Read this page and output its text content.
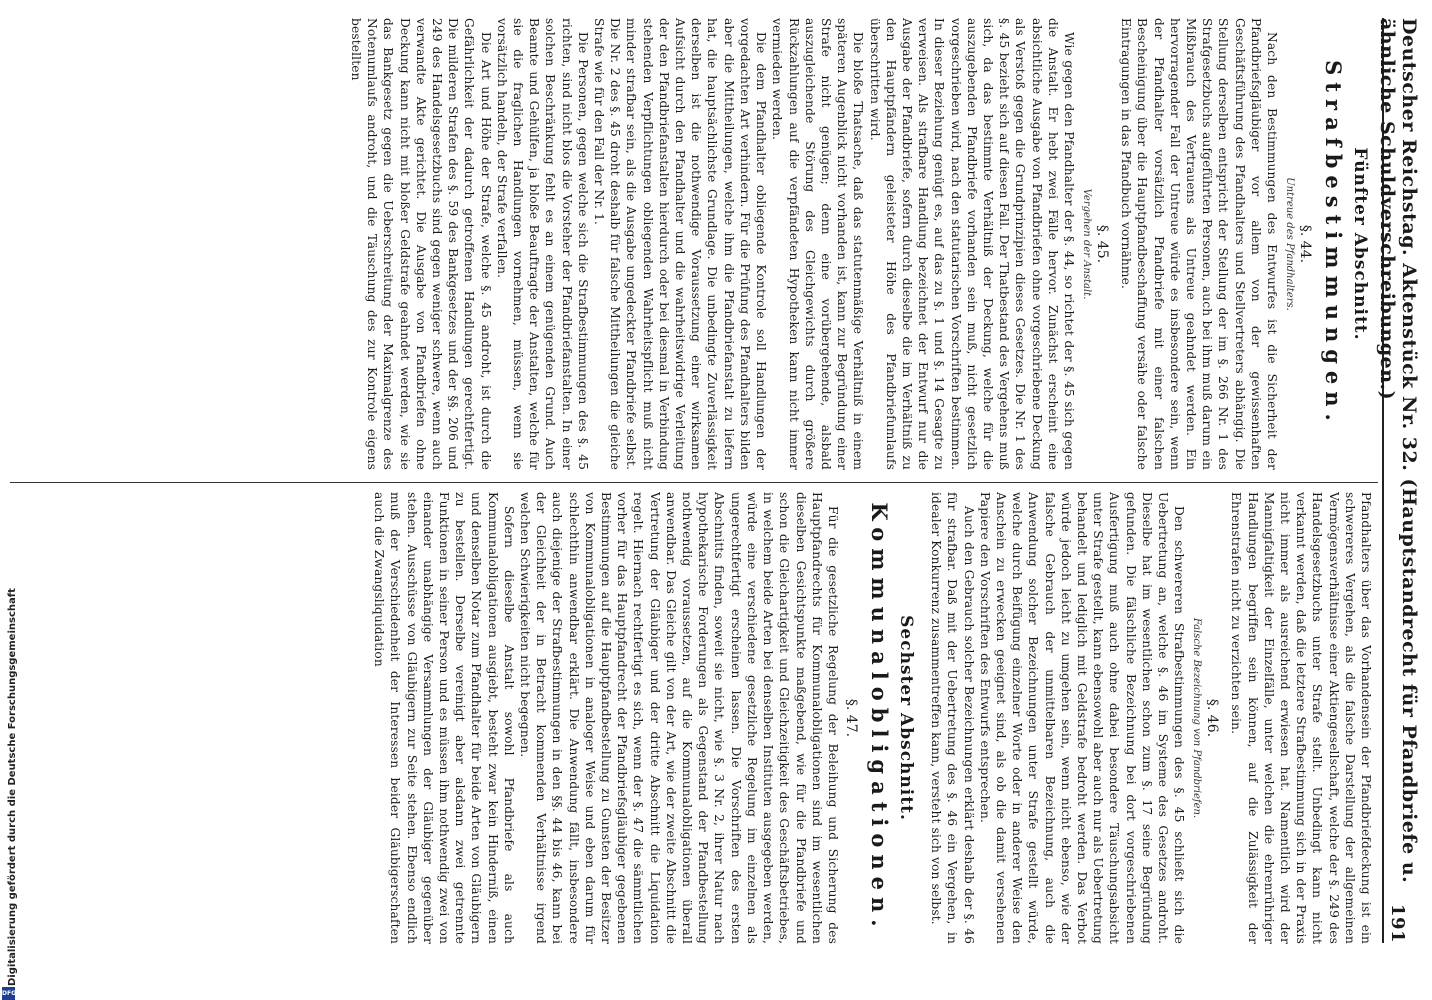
Deutscher Reichstag. Aktenstück Nr. 32. (Hauptstandrecht für Pfandbriefe u. ähnliche Schuldverschreibungen.)
191
Fünfter Abschnitt.
Strafbestimmungen.
§. 44.
Untreue des Pfandhalters.

Nach den Bestimmungen des Entwurfes ist die Sicherheit der Pfandbriefsgläubiger vor allem von der gewissenhaften Geschäftsführung des Pfandhalters und Stellvertreters abhängig. Die Stellung derselben entspricht der Stellung der im §. 266 Nr. 1 des Strafgesetzbuchs aufgeführten Personen, auch bei ihm muß darum ein Mißbrauch des Vertrauens als Untreue geahndet werden. Ein hervorragender Fall der Untreue würde es insbesondere sein, wenn der Pfandhalter vorsätzlich Pfandbriefe mit einer falschen Bescheinigung über die Hauptpfandbeschaffung versähe oder falsche Eintragungen in das Pfandbuch vornähme.

§. 45.
Vergehen der Anstalt.

Wie gegen den Pfandhalter der §. 44, so richtet der §. 45 sich gegen die Anstalt. Er hebt zwei Fälle hervor. Zunächst erscheint eine absichtliche Ausgabe von Pfandbriefen ohne vorgeschriebene Deckung als Verstoß gegen die Grundprinzipien dieses Gesetzes. Die Nr. 1 des §. 45 bezieht sich auf diesen Fall. Der Thatbestand des Vergehens muß sich, da das bestimmte Verhältniß der Deckung, welche für die auszugebenden Pfandbriefe vorhanden sein muß, nicht gesetzlich vorgeschrieben wird, nach den statutarischen Vorschriften bestimmen. In dieser Beziehung genügt es, auf das zu §. 1 und §. 14 Gesagte zu verweisen. Als strafbare Handlung bezeichnet der Entwurf nur die Ausgabe der Pfandbriefe, sofern durch dieselbe die im Verhältniß zu den Hauptpfändern geleisteter Höhe des Pfandbriefumlaufs überschritten wird.

Die bloße Thatsache, daß das statutenmäßige Verhältniß in einem späteren Augenblick nicht vorhanden ist, kann zur Begründung einer Strafe nicht genügen; denn eine vorübergehende, alsbald auszugleichende Störung des Gleichgewichts durch größere Rückzahlungen auf die verpfändeten Hypotheken kann nicht immer vermieden werden.

Die dem Pfandhalter obliegende Kontrole soll Handlungen der vorgedachten Art verhindern. Für die Prüfung des Pfandhalters bilden aber die Mittheilungen, welche ihm die Pfandbriefanstalt zu liefern hat, die hauptsächlichste Grundlage. Die unbedingte Zuverlässigkeit derselben ist die nothwendige Voraussetzung einer wirksamen Aufsicht durch den Pfandhalter und die wahrheitswidrige Verleitung der den Pfandbriefanstalten hierdurch oder bei diesmal in Verbindung stehenden Verpflichtungen obliegenden Wahrheitspflicht muß nicht minder strafbar sein, als die Ausgabe ungedeckter Pfandbriefe selbst. Die Nr. 2 des §. 45 droht deshalb für falsche Mittheilungen die gleiche Strafe wie für den Fall der Nr. 1.

Die Personen, gegen welche sich die Strafbestimmungen des §. 45 richten, sind nicht blos die Vorsteher der Pfandbriefanstalten. In einer solchen Beschränkung fehlt es an einem genügenden Grund. Auch Beamte und Gehülfen, ja bloße Beauftragte der Anstalten, welche für sie die fraglichen Handlungen vornehmen, müssen, wenn sie vorsätzlich handeln, der Strafe verfallen.

Die Art und Höhe der Strafe, welche §. 45 androht, ist durch die Gefährlichkeit der dadurch getroffenen Handlungen gerechtfertigt. Die milderen Strafen des §. 59 des Bankgesetzes und der §§. 206 und 249 des Handelsgesetzbuchs sind gegen weniger schwere, wenn auch verwandte Akte gerichtet. Die Ausgabe von Pfandbriefen ohne Deckung kann nicht mit bloßer Geldstrafe geahndet werden, wie sie das Bankgesetz gegen die Ueberschreitung der Maximalgrenze des Notenumlaufs androht, und die Täuschung des zur Kontrole eigens bestellten

Pfandhalters über das Vorhandensein der Pfandbriefdeckung ist ein schwereres Vergehen, als die falsche Darstellung der allgemeinen Vermögensverhältnisse einer Aktiengesellschaft, welche der §. 249 des Handelsgesetzbuchs unter Strafe stellt. Unbedingt kann nicht verkannt werden, daß die letztere Strafbestimmung sich in der Praxis nicht immer als ausreichend erwiesen hat. Namentlich wird der Mannigfaltigkeit der Einzelfälle, unter welchen die ehrenrühriger Handlungen begriffen sein können, auf die Zulässigkeit der Ehrenstrafen nicht zu verzichten sein.

§. 46.
Falsche Bezeichnung von Pfandbriefen.

Den schwereren Strafbestimmungen des §. 45 schließt sich die Uebertretung an, welche §. 46 im Systeme des Gesetzes androht. Dieselbe hat im wesentlichen schon zum §. 17 seine Begründung gefunden. Die fälschliche Bezeichnung bei dort vorgeschriebenen Ausfertigung muß auch ohne dabei besondere Täuschungsabsicht unter Strafe gestellt, kann ebensowohl aber auch nur als Uebertretung behandelt und lediglich mit Geldstrafe bedroht werden. Das Verbot würde jedoch leicht zu umgehen sein, wenn nicht ebenso, wie der falsche Gebrauch der unmittelbaren Bezeichnung, auch die Anwendung solcher Bezeichnungen unter Strafe gestellt würde, welche durch Beifügung einzelner Worte oder in anderer Weise den Anschein zu erwecken geeignet sind, als ob die damit versehenen Papiere den Vorschriften des Entwurfs entsprechen.

Auch den Gebrauch solcher Bezeichnungen erklärt deshalb der §. 46 für strafbar. Daß mit der Uebertretung des §. 46 ein Vergehen, in idealer Konkurrenz zusammentreffen kann, versteht sich von selbst.

Sechster Abschnitt.
Kommunalobligationen.
§. 47.

Für die gesetzliche Regelung der Beleihung und Sicherung des Hauptpfandrechts für Kommunalobligationen sind im wesentlichen dieselben Gesichtspunkte maßgebend, wie für die Pfandbriefe und schon die Gleichartigkeit und Gleichzeitigkeit des Geschäftsbetriebes, in welchem beide Arten bei denselben Instituten ausgegeben werden, würde eine verschiedene gesetzliche Regelung im einzelnen als ungerechtfertigt erscheinen lassen. Die Vorschriften des ersten Abschnitts finden, soweit sie nicht, wie §. 3 Nr. 2, ihrer Natur nach hypothekarische Forderungen als Gegenstand der Pfandbestellung nothwendig voraussetzen, auf die Kommunalobligationen überall anwendbar. Das Gleiche gilt von der Art, wie der zweite Abschnitt die Vertretung der Gläubiger und der dritte Abschnitt die Liquidation regelt. Hiernach rechtfertigt es sich, wenn der §. 47 die sämmtlichen vorher für das Hauptpfandrecht der Pfandbriefsgläubiger gegebenen Bestimmungen auf die Hauptpfandbestellung zu Gunsten der Besitzer von Kommunalobligationen in analoger Weise und eben darum für schlechthin anwendbar erklärt. Die Anwendung fällt, insbesondere auch diejenige der Strafbestimmungen in den §§. 44 bis 46, kann bei der Gleichheit der in Betracht kommenden Verhältnisse irgend welchen Schwierigkeiten nicht begegnen.

Sofern dieselbe Anstalt sowohl Pfandbriefe als auch Kommunalobligationen ausgiebt, besteht zwar kein Hinderniß, einen und denselben Notar zum Pfandhalter für beide Arten von Gläubigern zu bestellen. Derselbe vereinigt aber alsdann zwei getrennte Funktionen in seiner Person und es müssen ihm nothwendig zwei von einander unabhängige Versammlungen der Gläubiger gegenüber stehen. Ausschüsse von Gläubigern zur Seite stehen. Ebenso endlich muß der Verschiedenheit der Interessen beider Gläubigerschaften auch die Zwangsliquidation

Digitalisierung gefördert durch die Deutsche Forschungsgemeinschaft
DFG
